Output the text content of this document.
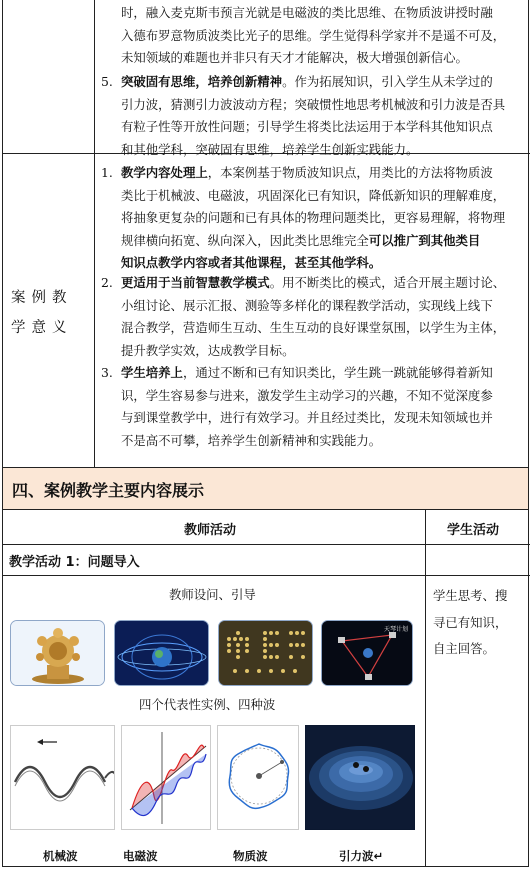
时，融入麦克斯韦预言光就是电磁波的类比思维、在物质波讲授时融
入德布罗意物质波类比光子的思维。学生觉得科学家并不是遥不可及，
未知领域的难题也并非只有天才才能解决，极大增强创新信心。
5. 突破固有思维，培养创新精神。作为拓展知识，引入学生从未学过的
引力波，猜测引力波波动方程；突破惯性地思考机械波和引力波是否具
有粒子性等开放性问题；引导学生将类比法运用于本学科其他知识点
和其他学科，突破固有思维，培养学生创新实践能力。
案例教学意义
1. 教学内容处理上，本案例基于物质波知识点，用类比的方法将物质波
类比于机械波、电磁波，巩固深化已有知识，降低新知识的理解难度，
将抽象更复杂的问题和已有具体的物理问题类比，更容易理解，将物理
规律横向拓宽、纵向深入，因此类比思维完全可以推广到其他类目
知识点教学内容或者其他课程，甚至其他学科。
2. 更适用于当前智慧教学模式。用不断类比的模式，适合开展主题讨论、
小组讨论、展示汇报、测验等多样化的课程教学活动，实现线上线下
混合教学，营造师生互动、生生互动的良好课堂氛围，以学生为主体，
提升教学实效，达成教学目标。
3. 学生培养上，通过不断和已有知识类比，学生跳一跳就能够得着新知
识，学生容易参与进来，激发学生主动学习的兴趣，不知不觉深度参
与到课堂教学中，进行有效学习。并且经过类比，发现未知领域也并
不是高不可攀，培养学生创新精神和实践能力。
四、案例教学主要内容展示
教师活动	学生活动
教学活动 1：问题导入
教师设问、引导
天琴计划
四个代表性实例、四种波
机械波	电磁波	物质波	引力波↵
学生思考、搜
寻已有知识，
自主回答。
